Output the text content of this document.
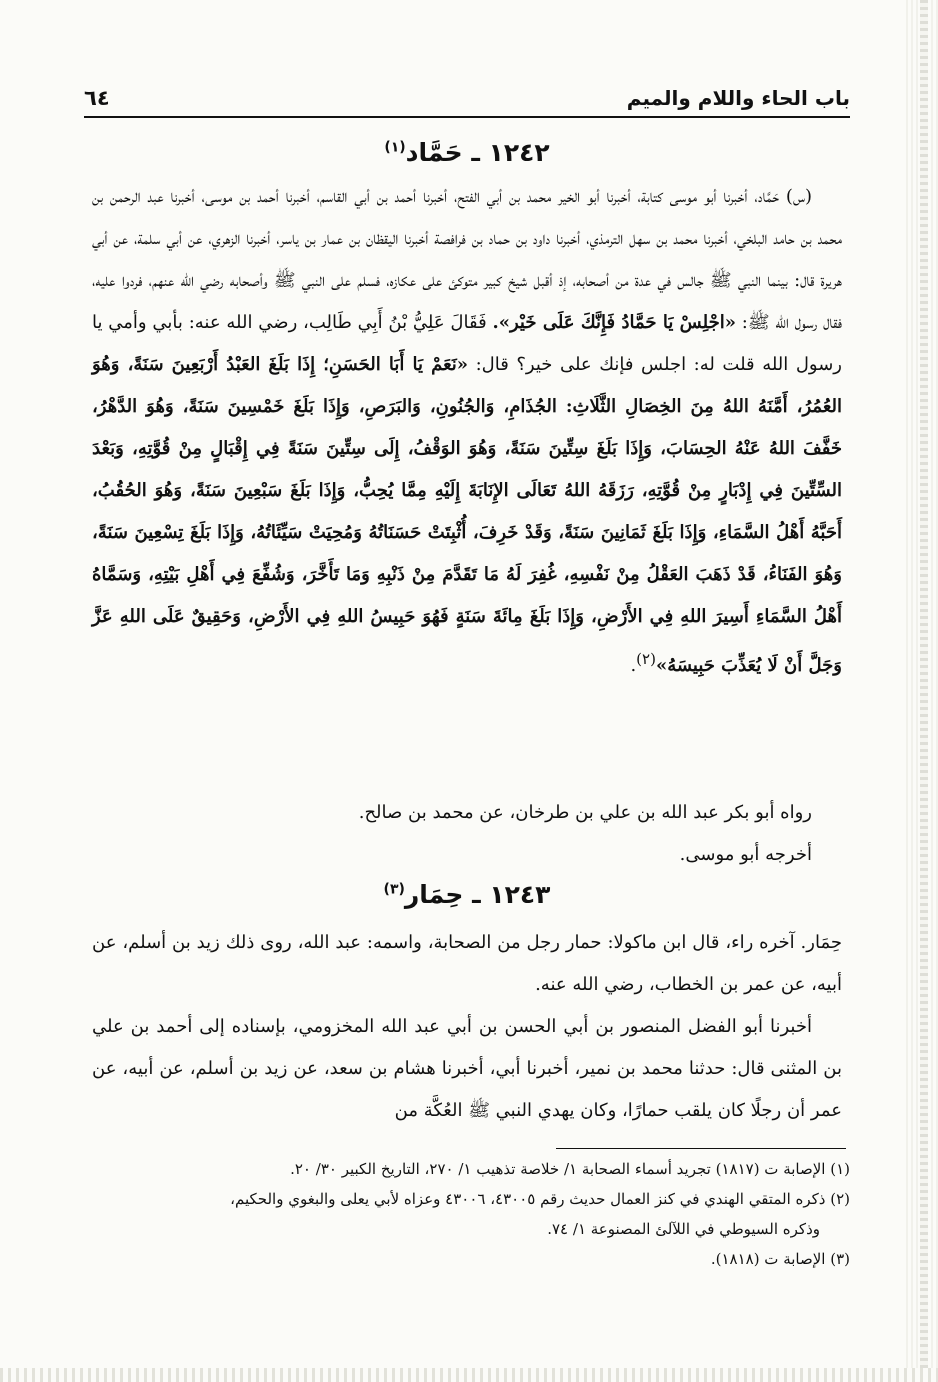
باب الحاء واللام والميم
٦٤
١٢٤٢ ـ حَمَّاد$^{(١)}$

(س) حَمَّاد، أخبرنا أبو موسى كتابة، أخبرنا أبو الخير محمد بن أبي الفتح، أخبرنا أحمد بن أبي القاسم، أخبرنا أحمد بن موسى، أخبرنا عبد الرحمن بن محمد بن حامد البلخي، أخبرنا محمد بن سهل الترمذي، أخبرنا داود بن حماد بن فرافصة أخبرنا اليقظان بن عمار بن ياسر، أخبرنا الزهري، عن أبي سلمة، عن أبي هريرة قال: بينما النبي ﷺ جالس في عدة من أصحابه، إذ أقبل شيخ كبير متوكئ على عكازه، فسلم على النبي ﷺ وأصحابه رضي الله عنهم، فردوا عليه، فقال رسول الله ﷺ: «اجْلِسْ يَا حَمَّادُ فَإِنَّكَ عَلَى خَيْر». فَقَالَ عَلِيُّ بْنُ أَبِي طَالِب، رضي الله عنه: بأبي وأمي يا رسول الله قلت له: اجلس فإنك على خير؟ قال: «نَعَمْ يَا أَبَا الحَسَنِ؛ إِذَا بَلَغَ العَبْدُ أَرْبَعِينَ سَنَةً، وَهُوَ العُمُرُ، أَمَّنَهُ اللهُ مِنَ الخِصَالِ الثَّلَاثِ: الجُذَامِ، وَالجُنُونِ، وَالبَرَصِ، وَإِذَا بَلَغَ خَمْسِينَ سَنَةً، وَهُوَ الدَّهْرُ، خَفَّفَ اللهُ عَنْهُ الحِسَابَ، وَإِذَا بَلَغَ سِتِّينَ سَنَةً، وَهُوَ الوَقْفُ، إِلَى سِتِّينَ سَنَةً فِي إِقْبَالٍ مِنْ قُوَّتِهِ، وَبَعْدَ السِّتِّينَ فِي إِدْبَارٍ مِنْ قُوَّتِهِ، رَزَقَهُ اللهُ تَعَالَى الإِنَابَةَ إِلَيْهِ مِمَّا يُحِبُّ، وَإِذَا بَلَغَ سَبْعِينَ سَنَةً، وَهُوَ الحُقُبُ، أَحَبَّهُ أَهْلُ السَّمَاءِ، وَإِذَا بَلَغَ ثَمَانِينَ سَنَةً، وَقَدْ خَرِفَ، أُثْبِتَتْ حَسَنَاتُهُ وَمُحِيَتْ سَيِّئَاتُهُ، وَإِذَا بَلَغَ تِسْعِينَ سَنَةً، وَهُوَ الفَنَاءُ، قَدْ ذَهَبَ العَقْلُ مِنْ نَفْسِهِ، غُفِرَ لَهُ مَا تَقَدَّمَ مِنْ ذَنْبِهِ وَمَا تَأَخَّرَ، وَشُفِّعَ فِي أَهْلِ بَيْتِهِ، وَسَمَّاهُ أَهْلُ السَّمَاءِ أَسِيرَ اللهِ فِي الأَرْضِ، وَإِذَا بَلَغَ مِائَةَ سَنَةٍ فَهُوَ حَبِيسُ اللهِ فِي الأَرْضِ، وَحَقِيقٌ عَلَى اللهِ عَزَّ وَجَلَّ أَنْ لَا يُعَذِّبَ حَبِيسَهُ»$^{(٢)}$.

رواه أبو بكر عبد الله بن علي بن طرخان، عن محمد بن صالح.

أخرجه أبو موسى.

١٢٤٣ ـ حِمَار$^{(٣)}$

حِمَار. آخره راء، قال ابن ماكولا: حمار رجل من الصحابة، واسمه: عبد الله، روى ذلك زيد بن أسلم، عن أبيه، عن عمر بن الخطاب، رضي الله عنه.

أخبرنا أبو الفضل المنصور بن أبي الحسن بن أبي عبد الله المخزومي، بإسناده إلى أحمد بن علي بن المثنى قال: حدثنا محمد بن نمير، أخبرنا أبي، أخبرنا هشام بن سعد، عن زيد بن أسلم، عن أبيه، عن عمر أن رجلًا كان يلقب حمارًا، وكان يهدي النبي ﷺ العُكَّة من

(١) الإصابة ت (١٨١٧) تجريد أسماء الصحابة ١/ خلاصة تذهيب ١/ ٢٧٠، التاريخ الكبير ٣٠/ ٢٠.

(٢) ذكره المتقي الهندي في كنز العمال حديث رقم ٤٣٠٠٥، ٤٣٠٠٦ وعزاه لأبي يعلى والبغوي والحكيم،

وذكره السيوطي في اللآلئ المصنوعة ١/ ٧٤.

(٣) الإصابة ت (١٨١٨).
